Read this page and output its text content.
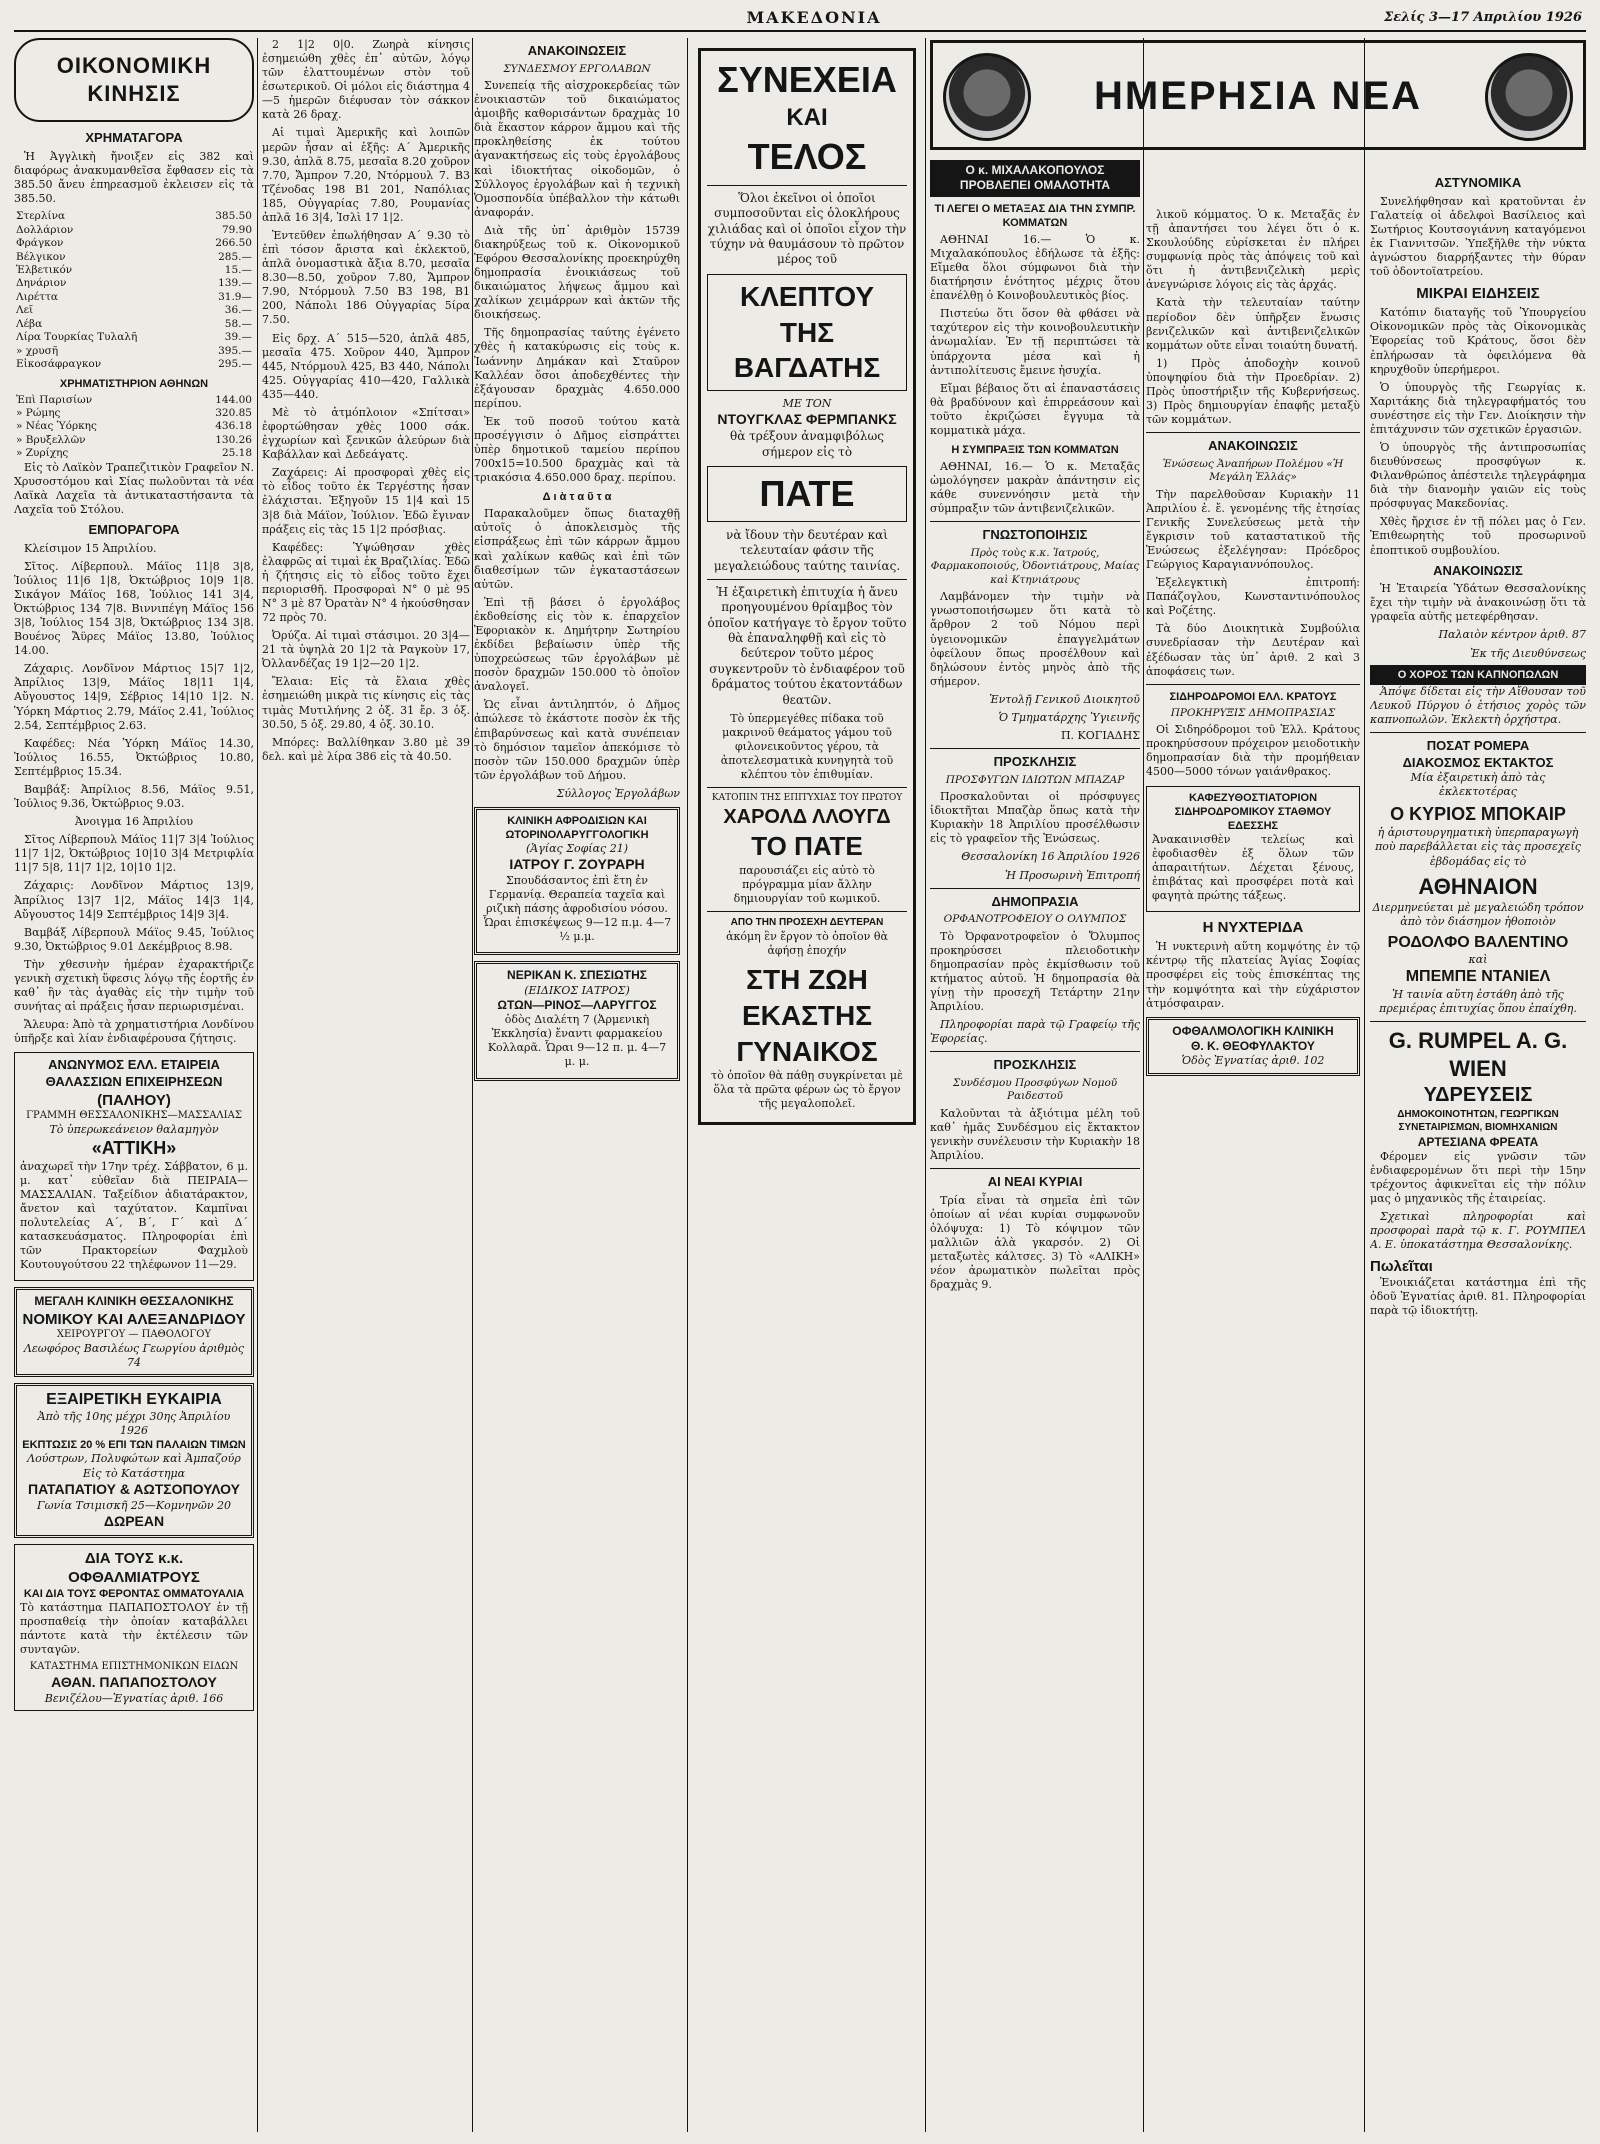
ΜΑΚΕΔΟΝΙΑ	Σελίς 3—17 Απριλίου 1926
ΟΙΚΟΝΟΜΙΚΗ ΚΙΝΗΣΙΣ
ΧΡΗΜΑΤΑΓΟΡΑ

Ἡ Ἀγγλικὴ ἤνοιξεν εἰς 382 καὶ διαφόρως ἀνακυμανθεῖσα ἔφθασεν εἰς τὰ 385.50 ἄνευ ἐπηρεασμοῦ ἐκλεισεν εἰς τὰ 385.50.

Στερλίνα	385.50
Δολλάριον	79.90
Φράγκον	266.50
Βέλγικον	285.—
Ἑλβετικόν	15.—
Δηνάριον	139.—
Λιρέττα	31.9—
Λεῖ	36.—
Λέβα	58.—
Λίρα Τουρκίας Τυλαλῆ	39.—
» χρυσῆ	395.—
Εἰκοσάφραγκον	295.—
ΧΡΗΜΑΤΙΣΤΗΡΙΟΝ ΑΘΗΝΩΝ
Ἐπὶ Παρισίων	144.00
» Ρώμης	320.85
» Νέας Ὑόρκης	436.18
» Βρυξελλῶν	130.26
» Ζυρίχης	25.18

Εἰς τὸ Λαϊκὸν Τραπεζιτικὸν Γραφεῖον Ν. Χρυσοστόμου καὶ Σίας πωλοῦνται τὰ νέα Λαϊκὰ Λαχεῖα τὰ ἀντικαταστήσαντα τὰ Λαχεῖα τοῦ Στόλου.

ΕΜΠΟΡΑΓΟΡΑ

Κλείσιμον 15 Ἀπριλίου.

Σῖτος. Λίβερπουλ. Μάϊος 11|8 3|8, Ἰούλιος 11|6 1|8, Ὀκτώβριος 10|9 1|8. Σικάγον Μάϊος 168, Ἰούλιος 141 3|4, Ὀκτώβριος 134 7|8. Βιννιπέγη Μάϊος 156 3|8, Ἰούλιος 154 3|8, Ὀκτώβριος 134 3|8. Βουένος Ἄϋρες Μάϊος 13.80, Ἰούλιος 14.00.

Ζάχαρις. Λονδῖνον Μάρτιος 15|7 1|2, Ἀπρίλιος 13|9, Μάϊος 18|11 1|4, Αὔγουστος 14|9, Σέβριος 14|10 1|2. Ν. Ὑόρκη Μάρτιος 2.79, Μάϊος 2.41, Ἰούλιος 2.54, Σεπτέμβριος 2.63.

Καφέδες: Νέα Ὑόρκη Μάϊος 14.30, Ἰούλιος 16.55, Ὀκτώβριος 10.80, Σεπτέμβριος 15.34.

Βαμβάξ: Ἀπρίλιος 8.56, Μάϊος 9.51, Ἰούλιος 9.36, Ὀκτώβριος 9.03.

Ἀνοιγμα 16 Ἀπριλίου

Σῖτος Λίβερπουλ Μάϊος 11|7 3|4 Ἰούλιος 11|7 1|2, Ὀκτώβριος 10|10 3|4 Μετριφλία 11|7 5|8, 11|7 1|2, 10|10 1|2.

Ζάχαρις: Λονδῖνον Μάρτιος 13|9, Ἀπρίλιος 13|7 1|2, Μάϊος 14|3 1|4, Αὔγουστος 14|9 Σεπτέμβριος 14|9 3|4.

Βαμβάξ Λίβερπουλ Μάϊος 9.45, Ἰούλιος 9.30, Ὀκτώβριος 9.01 Δεκέμβριος 8.98.

Τὴν χθεσινὴν ἡμέραν ἐχαρακτήριζε γενικὴ σχετικὴ ὕφεσις λόγῳ τῆς ἑορτῆς ἐν καθ᾽ ἣν τὰς ἀγαθὰς εἰς τὴν τιμὴν τοῦ συνήτας αἱ πράξεις ἦσαν περιωρισμέναι.

Ἄλευρα: Ἀπὸ τὰ χρηματιστήρια Λονδίνου ὑπῆρξε καὶ λίαν ἐνδιαφέρουσα ζήτησις.

ΑΝΩΝΥΜΟΣ ΕΛΛ. ΕΤΑΙΡΕΙΑ ΘΑΛΑΣΣΙΩΝ ΕΠΙΧΕΙΡΗΣΕΩΝ
(ΠΑΛΗΟΥ)
ΓΡΑΜΜΗ ΘΕΣΣΑΛΟΝΙΚΗΣ—ΜΑΣΣΑΛΙΑΣ
Τὸ ὑπερωκεάνειον θαλαμηγὸν
«ΑΤΤΙΚΗ»

ἀναχωρεῖ τὴν 17ην τρέχ. Σάββατον, 6 μ. μ. κατ᾽ εὐθεῖαν διὰ ΠΕΙΡΑΙΑ—ΜΑΣΣΑΛΙΑΝ. Ταξείδιον ἀδιατάρακτον, ἄνετον καὶ ταχύτατον. Καμπῖναι πολυτελείας Α΄, Β΄, Γ΄ καὶ Δ΄ κατασκευάσματος. Πληροφορίαι ἐπὶ τῶν Πρακτορείων Φαχμλοὺ Κουτουγούτσου 22 τηλέφωνον 11—29.

ΜΕΓΑΛΗ ΚΛΙΝΙΚΗ ΘΕΣΣΑΛΟΝΙΚΗΣ
ΝΟΜΙΚΟΥ ΚΑΙ ΑΛΕΞΑΝΔΡΙΔΟΥ
ΧΕΙΡΟΥΡΓΟΥ — ΠΑΘΟΛΟΓΟΥ
Λεωφόρος Βασιλέως Γεωργίου ἀριθμὸς 74
ΕΞΑΙΡΕΤΙΚΗ ΕΥΚΑΙΡΙΑ
Ἀπὸ τῆς 10ης μέχρι 30ης Ἀπριλίου 1926
ΕΚΠΤΩΣΙΣ 20 % ΕΠΙ ΤΩΝ ΠΑΛΑΙΩΝ ΤΙΜΩΝ
Λούστρων, Πολυφώτων καὶ Ἀμπαζούρ
Εἰς τὸ Κατάστημα
ΠΑΤΑΠΑΤΙΟΥ & ΑΩΤΣΟΠΟΥΛΟΥ
Γωνία Τσιμισκῆ 25—Κομνηνῶν 20
ΔΩΡΕΑΝ
ΔΙΑ ΤΟΥΣ κ.κ. ΟΦΘΑΛΜΙΑΤΡΟΥΣ
ΚΑΙ ΔΙΑ ΤΟΥΣ ΦΕΡΟΝΤΑΣ ΟΜΜΑΤΟΥΑΛΙΑ

Τὸ κατάστημα ΠΑΠΑΠΟΣΤΟΛΟΥ ἐν τῇ προσπαθείᾳ τὴν ὁποίαν καταβάλλει πάντοτε κατὰ τὴν ἐκτέλεσιν τῶν συνταγῶν.

ΚΑΤΑΣΤΗΜΑ ΕΠΙΣΤΗΜΟΝΙΚΩΝ ΕΙΔΩΝ
ΑΘΑΝ. ΠΑΠΑΠΟΣΤΟΛΟΥ
Βενιζέλου—Ἐγνατίας ἀριθ. 166

2 1|2 0|0. Ζωηρὰ κίνησις ἐσημειώθη χθὲς ἐπ᾽ αὐτῶν, λόγῳ τῶν ἐλαττουμένων στὸν τοῦ ἐσωτερικοῦ. Οἱ μόλοι εἰς διάστημα 4—5 ἡμερῶν διέφυσαν τὸν σάκκον κατὰ 26 δραχ.

Αἱ τιμαὶ Ἀμερικῆς καὶ λοιπῶν μερῶν ἦσαν αἱ ἑξῆς: Α΄ Ἀμερικῆς 9.30, ἀπλᾶ 8.75, μεσαῖα 8.20 χοῦρον 7.70, Ἄμπρον 7.20, Ντόρμουλ 7. Β3 Τζένοδας 198 Β1 201, Ναπόλιας 185, Οὐγγαρίας 7.80, Ρουμανίας ἀπλᾶ 16 3|4, Ἰσλὶ 17 1|2.

Ἐντεῦθεν ἐπωλήθησαν Α΄ 9.30 τὸ ἐπὶ τόσον ἄριστα καὶ ἐκλεκτοῦ, ἁπλᾶ ὀνομαστικὰ ἄξια 8.70, μεσαῖα 8.30—8.50, χοῦρον 7.80, Ἄμπρον 7.90, Ντόρμουλ 7.50 Β3 198, Β1 200, Νάπολι 186 Οὐγγαρίας 5ίρα 7.50.

Εἰς δρχ. Α΄ 515—520, ἁπλᾶ 485, μεσαῖα 475. Χοῦρον 440, Ἄμπρον 445, Ντόρμουλ 425, Β3 440, Νάπολι 425. Οὐγγαρίας 410—420, Γαλλικὰ 435—440.

Μὲ τὸ ἀτμόπλοιον «Σπίτσαι» ἐφορτώθησαν χθὲς 1000 σάκ. ἐγχωρίων καὶ ξενικῶν ἀλεύρων διὰ Καβάλλαν καὶ Δεδεάγατς.

Ζαχάρεις: Αἱ προσφοραὶ χθὲς εἰς τὸ εἶδος τοῦτο ἐκ Τεργέστης ἦσαν ἐλάχισται. Ἐξηγοῦν 15 1|4 καὶ 15 3|8 διὰ Μάϊον, Ἰούλιον. Ἐδῶ ἔγιναν πράξεις εἰς τὰς 15 1|2 πρόσβιας.

Καφέδες: Ὑψώθησαν χθὲς ἐλαφρῶς αἱ τιμαὶ ἐκ Βραζιλίας. Ἐδῶ ἡ ζήτησις εἰς τὸ εἶδος τοῦτο ἔχει περιορισθῆ. Προσφοραὶ Ν° 0 μὲ 95 Ν° 3 μὲ 87 Ὀρατὰν Ν° 4 ἠκούσθησαν 72 πρὸς 70.

Ὀρύζα. Αἱ τιμαὶ στάσιμοι. 20 3|4—21 τὰ ὑψηλὰ 20 1|2 τὰ Ραγκοὺν 17, Ὀλλανδέζας 19 1|2—20 1|2.

Ἔλαια: Εἰς τὰ ἔλαια χθὲς ἐσημειώθη μικρὰ τις κίνησις εἰς τὰς τιμὰς Μυτιλήνης 2 ὁξ. 31 ἔρ. 3 ὁξ. 30.50, 5 ὁξ. 29.80, 4 ὁξ. 30.10.

Μπόρες: Βαλλίθηκαν 3.80 μὲ 39 δελ. καὶ μὲ λίρα 386 εἰς τὰ 40.50.

ΑΝΑΚΟΙΝΩΣΕΙΣ
ΣΥΝΔΕΣΜΟΥ ΕΡΓΟΛΑΒΩΝ

Συνεπείᾳ τῆς αἰσχροκερδείας τῶν ἐνοικιαστῶν τοῦ δικαιώματος ἀμοιβῆς καθορισάντων δραχμὰς 10 διὰ ἕκαστον κάρρον ἄμμου καὶ τῆς προκληθείσης ἐκ τούτου ἀγανακτήσεως εἰς τοὺς ἐργολάβους καὶ ἰδιοκτήτας οἰκοδομῶν, ὁ Σύλλογος ἐργολάβων καὶ ἡ τεχνικὴ Ὁμοσπονδία ὑπέβαλλον τὴν κάτωθι ἀναφοράν.

Διὰ τῆς ὑπ᾽ ἀριθμὸν 15739 διακηρύξεως τοῦ κ. Οἰκονομικοῦ Ἐφόρου Θεσσαλονίκης προεκηρύχθη δημοπρασία ἐνοικιάσεως τοῦ δικαιώματος λήψεως ἄμμου καὶ χαλίκων χειμάρρων καὶ ἀκτῶν τῆς διοικήσεως.

Τῆς δημοπρασίας ταύτης ἐγένετο χθὲς ἡ κατακύρωσις εἰς τοὺς κ. Ἰωάννην Δημάκαν καὶ Σταῦρον Καλλέαν ὅσοι ἀποδεχθέντες τὴν ἐξάγουσαν δραχμὰς 4.650.000 περίπου.

Ἐκ τοῦ ποσοῦ τούτου κατὰ προσέγγισιν ὁ Δῆμος εἰσπράττει ὑπὲρ δημοτικοῦ ταμείου περίπου 700x15=10.500 δραχμὰς καὶ τὰ τριακόσια 4.650.000 δραχ. περίπου.

Δ ι ὰ τ α ῦ τ α

Παρακαλοῦμεν ὅπως διαταχθῇ αὐτοῖς ὁ ἀποκλεισμὸς τῆς εἰσπράξεως ἐπὶ τῶν κάρρων ἄμμου καὶ χαλίκων καθῶς καὶ ἐπὶ τῶν διαθεσίμων τῶν ἐγκαταστάσεων αὐτῶν.

Ἐπὶ τῇ βάσει ὁ ἐργολάβος ἐκδοθείσης εἰς τὸν κ. ἐπαρχεῖον Ἐφοριακὸν κ. Δημήτρην Σωτηρίου ἐκδίδει βεβαίωσιν ὑπὲρ τῆς ὑποχρεώσεως τῶν ἐργολάβων μὲ ποσὸν δραχμῶν 150.000 τὸ ὁποῖον ἀναλογεῖ.

Ὡς εἶναι ἀντιληπτόν, ὁ Δῆμος ἀπώλεσε τὸ ἑκάστοτε ποσὸν ἐκ τῆς ἐπιβαρύνσεως καὶ κατὰ συνέπειαν τὸ δημόσιον ταμεῖον ἀπεκόμισε τὸ ποσὸν τῶν 150.000 δραχμῶν ὑπὲρ τῶν ἐργολάβων τοῦ Δήμου.

Σύλλογος Ἐργολάβων

ΚΛΙΝΙΚΗ ΑΦΡΟΔΙΣΙΩΝ ΚΑΙ ΩΤΟΡΙΝΟΛΑΡΥΓΓΟΛΟΓΙΚΗ
(Ἁγίας Σοφίας 21)
ΙΑΤΡΟΥ Γ. ΖΟΥΡΑΡΗ

Σπουδάσαντος ἐπὶ ἔτη ἐν Γερμανίᾳ. Θεραπεία ταχεῖα καὶ ριζικὴ πάσης ἀφροδισίου νόσου. Ὧραι ἐπισκέψεως 9—12 π.μ. 4—7 ½ μ.μ.

ΝΕΡΙΚΑΝ Κ. ΣΠΕΣΙΩΤΗΣ
(ΕΙΔΙΚΟΣ ΙΑΤΡΟΣ)
ΩΤΩΝ—ΡΙΝΟΣ—ΛΑΡΥΓΓΟΣ

ὁδὸς Διαλέτη 7 (Ἀρμενικὴ Ἐκκλησία) ἔναντι φαρμακείου Κολλαρᾶ. Ὧραι 9—12 π. μ. 4—7 μ. μ.

ΣΥΝΕΧΕΙΑ
ΚΑΙ
ΤΕΛΟΣ

Ὅλοι ἐκεῖνοι οἱ ὁποῖοι συμποσοῦνται εἰς ὁλοκλήρους χιλιάδας καὶ οἱ ὁποῖοι εἶχον τὴν τύχην νὰ θαυμάσουν τὸ πρῶτον μέρος τοῦ

ΚΛΕΠΤΟΥ ΤΗΣ ΒΑΓΔΑΤΗΣ
ΜΕ ΤΟΝ
ΝΤΟΥΓΚΛΑΣ ΦΕΡΜΠΑΝΚΣ

θὰ τρέξουν ἀναμφιβόλως σήμερον εἰς τὸ

ΠΑΤΕ

νὰ ἴδουν τὴν δευτέραν καὶ τελευταίαν φάσιν τῆς μεγαλειώδους ταύτης ταινίας.

Ἡ ἐξαιρετικὴ ἐπιτυχία ἡ ἄνευ προηγουμένου θρίαμβος τὸν ὁποῖον κατήγαγε τὸ ἔργον τοῦτο θὰ ἐπαναληφθῇ καὶ εἰς τὸ δεύτερον τοῦτο μέρος συγκεντροῦν τὸ ἐνδιαφέρον τοῦ δράματος τούτου ἐκατοντάδων θεατῶν.

Τὸ ὑπερμεγέθες πίδακα τοῦ μακρινοῦ θεάματος γάμου τοῦ φιλονεικοῦντος γέρου, τὰ ἀποτελεσματικὰ κυνηγητὰ τοῦ κλέπτου τὸν ἐπιθυμίαν.

ΚΑΤΟΠΙΝ ΤΗΣ ΕΠΙΤΥΧΙΑΣ ΤΟΥ ΠΡΩΤΟΥ
ΧΑΡΟΛΔ ΛΛΟΥΓΔ
ΤΟ ΠΑΤΕ

παρουσιάζει εἰς αὐτὸ τὸ πρόγραμμα μίαν ἄλλην δημιουργίαν τοῦ κωμικοῦ.

ΑΠΟ ΤΗΝ ΠΡΟΣΕΧΗ ΔΕΥΤΕΡΑΝ

ἀκόμη ἓν ἔργον τὸ ὁποῖον θὰ ἀφήσῃ ἐποχήν

ΣΤΗ ΖΩΗ ΕΚΑΣΤΗΣ ΓΥΝΑΙΚΟΣ

τὸ ὁποῖον θὰ πάθῃ συγκρίνεται μὲ ὅλα τὰ πρῶτα φέρων ὡς τὸ ἔργον τῆς μεγαλοπολεῖ.

Ο κ. ΜΙΧΑΛΑΚΟΠΟΥΛΟΣ ΠΡΟΒΛΕΠΕΙ ΟΜΑΛΟΤΗΤΑ
ΤΙ ΛΕΓΕΙ Ο ΜΕΤΑΞΑΣ ΔΙΑ ΤΗΝ ΣΥΜΠΡ. ΚΟΜΜΑΤΩΝ

ΑΘΗΝΑΙ 16.— Ὁ κ. Μιχαλακόπουλος ἐδήλωσε τὰ ἑξῆς: Εἴμεθα ὅλοι σύμφωνοι διὰ τὴν διατήρησιν ἑνότητος μέχρις ὅτου ἐπανέλθῃ ὁ Κοινοβουλευτικὸς βίος.

Πιστεύω ὅτι ὅσον θὰ φθάσει νὰ ταχύτερον εἰς τὴν κοινοβουλευτικὴν ἀνωμαλίαν. Ἐν τῇ περιπτώσει τὰ ὑπάρχοντα μέσα καὶ ἡ ἀντιπολίτευσις ἔμεινε ἡσυχία.

Εἴμαι βέβαιος ὅτι αἱ ἐπαναστάσεις θὰ βραδύνουν καὶ ἐπιρρεάσουν καὶ τοῦτο ἐκριζώσει ἔγγυμα τὰ κομματικὰ μάχα.

Η ΣΥΜΠΡΑΞΙΣ ΤΩΝ ΚΟΜΜΑΤΩΝ

ΑΘΗΝΑΙ, 16.— Ὁ κ. Μεταξᾶς ὡμολόγησεν μακρὰν ἀπάντησιν εἰς κάθε συνεννόησιν μετὰ τὴν σύμπραξιν τῶν ἀντιβενιζελικῶν.

ΓΝΩΣΤΟΠΟΙΗΣΙΣ
Πρὸς τοὺς κ.κ. Ἰατρούς, Φαρμακοποιούς, Ὀδοντιάτρους, Μαίας καὶ Κτηνιάτρους

Λαμβάνομεν τὴν τιμὴν νὰ γνωστοποιήσωμεν ὅτι κατὰ τὸ ἄρθρον 2 τοῦ Νόμου περὶ ὑγειονομικῶν ἐπαγγελμάτων ὀφείλουν ὅπως προσέλθουν καὶ δηλώσουν ἐντὸς μηνὸς ἀπὸ τῆς σήμερον.

Ἐντολῇ Γενικοῦ Διοικητοῦ

Ὁ Τμηματάρχης Ὑγιεινῆς

Π. ΚΟΓΙΑΔΗΣ

ΠΡΟΣΚΛΗΣΙΣ
ΠΡΟΣΦΥΓΩΝ ΙΔΙΩΤΩΝ ΜΠΑΖΑΡ

Προσκαλοῦνται οἱ πρόσφυγες ἰδιοκτῆται Μπαζὰρ ὅπως κατὰ τὴν Κυριακὴν 18 Ἀπριλίου προσέλθωσιν εἰς τὸ γραφεῖον τῆς Ἑνώσεως.

Θεσσαλονίκη 16 Ἀπριλίου 1926

Ἡ Προσωρινὴ Ἐπιτροπή

ΔΗΜΟΠΡΑΣΙΑ
ΟΡΦΑΝΟΤΡΟΦΕΙΟΥ Ο ΟΛΥΜΠΟΣ

Τὸ Ὀρφανοτροφεῖον ὁ Ὄλυμπος προκηρύσσει πλειοδοτικὴν δημοπρασίαν πρὸς ἐκμίσθωσιν τοῦ κτήματος αὐτοῦ. Ἡ δημοπρασία θὰ γίνῃ τὴν προσεχῆ Τετάρτην 21ην Ἀπριλίου.

Πληροφορίαι παρὰ τῷ Γραφείῳ τῆς Ἐφορείας.

ΠΡΟΣΚΛΗΣΙΣ
Συνδέσμου Προσφύγων Νομοῦ Ραιδεστοῦ

Καλοῦνται τὰ ἀξιότιμα μέλη τοῦ καθ᾽ ἡμᾶς Συνδέσμου εἰς ἔκτακτον γενικὴν συνέλευσιν τὴν Κυριακὴν 18 Ἀπριλίου.

ΑΙ ΝΕΑΙ ΚΥΡΙΑΙ

Τρία εἶναι τὰ σημεῖα ἐπὶ τῶν ὁποίων αἱ νέαι κυρίαι συμφωνοῦν ὁλόψυχα: 1) Τὸ κόψιμον τῶν μαλλιῶν ἀλὰ γκαρσόν. 2) Οἱ μεταξωτὲς κάλτσες. 3) Τὸ «ΑΛΙΚΗ» νέον ἀρωματικὸν πωλεῖται πρὸς δραχμὰς 9.

ΗΜΕΡΗΣΙΑ ΝΕΑ

λικοῦ κόμματος. Ὁ κ. Μεταξᾶς ἐν τῇ ἀπαντήσει του λέγει ὅτι ὁ κ. Σκουλούδης εὑρίσκεται ἐν πλήρει συμφωνίᾳ πρὸς τὰς ἀπόψεις τοῦ καὶ ὅτι ἡ ἀντιβενιζελικὴ μερὶς ἀνεγνώρισε λόγοις εἰς τὰς ἀρχάς.

Κατὰ τὴν τελευταίαν ταύτην περίοδον δὲν ὑπῆρξεν ἔνωσις βενιζελικῶν καὶ ἀντιβενιζελικῶν κομμάτων οὔτε εἶναι τοιαύτη δυνατή.

1) Πρὸς ἀποδοχὴν κοινοῦ ὑποψηφίου διὰ τὴν Προεδρίαν. 2) Πρὸς ὑποστήριξιν τῆς Κυβερνήσεως. 3) Πρὸς δημιουργίαν ἐπαφῆς μεταξὺ τῶν κομμάτων.

ΑΝΑΚΟΙΝΩΣΙΣ
Ἑνώσεως Ἀναπήρων Πολέμου «Ἡ Μεγάλη Ἑλλάς»

Τὴν παρελθοῦσαν Κυριακὴν 11 Ἀπριλίου ἐ. ἔ. γενομένης τῆς ἐτησίας Γενικῆς Συνελεύσεως μετὰ τὴν ἔγκρισιν τοῦ καταστατικοῦ τῆς Ἑνώσεως ἐξελέγησαν: Πρόεδρος Γεώργιος Καραγιαννόπουλος.

Ἐξελεγκτικὴ ἐπιτροπή: Παπάζογλου, Κωνσταντινόπουλος καὶ Ροζέτης.

Τὰ δύο Διοικητικὰ Συμβούλια συνεδρίασαν τὴν Δευτέραν καὶ ἐξέδωσαν τὰς ὑπ᾽ ἀριθ. 2 καὶ 3 ἀποφάσεις των.

ΣΙΔΗΡΟΔΡΟΜΟΙ ΕΛΛ. ΚΡΑΤΟΥΣ
ΠΡΟΚΗΡΥΞΙΣ ΔΗΜΟΠΡΑΣΙΑΣ

Οἱ Σιδηρόδρομοι τοῦ Ἑλλ. Κράτους προκηρύσσουν πρόχειρον μειοδοτικὴν δημοπρασίαν διὰ τὴν προμήθειαν 4500—5000 τόνων γαιάνθρακος.

ΚΑΦΕΖΥΘΟΣΤΙΑΤΟΡΙΟΝ ΣΙΔΗΡΟΔΡΟΜΙΚΟΥ ΣΤΑΘΜΟΥ ΕΔΕΣΣΗΣ

Ἀνακαινισθὲν τελείως καὶ ἐφοδιασθὲν ἐξ ὅλων τῶν ἀπαραιτήτων. Δέχεται ξένους, ἐπιβάτας καὶ προσφέρει ποτὰ καὶ φαγητὰ πρώτης τάξεως.

Η ΝΥΧΤΕΡΙΔΑ

Ἡ νυκτερινὴ αὕτη κομψότης ἐν τῷ κέντρῳ τῆς πλατείας Ἁγίας Σοφίας προσφέρει εἰς τοὺς ἐπισκέπτας της τὴν κομψότητα καὶ τὴν εὐχάριστον ἀτμόσφαιραν.

ΟΦΘΑΛΜΟΛΟΓΙΚΗ ΚΛΙΝΙΚΗ
Θ. Κ. ΘΕΟΦΥΛΑΚΤΟΥ
Ὁδὸς Ἐγνατίας ἀριθ. 102
ΑΣΤΥΝΟΜΙΚΑ

Συνελήφθησαν καὶ κρατοῦνται ἐν Γαλατείᾳ οἱ ἀδελφοὶ Βασίλειος καὶ Σωτήριος Κουτσογιάννη καταγόμενοι ἐκ Γιαννιτσῶν. Ὑπεξῆλθε τὴν νύκτα ἀγνώστου διαρρήξαντες τὴν θύραν τοῦ ὀδοντοϊατρείου.

ΜΙΚΡΑΙ ΕΙΔΗΣΕΙΣ

Κατόπιν διαταγῆς τοῦ Ὑπουργείου Οἰκονομικῶν πρὸς τὰς Οἰκονομικὰς Ἐφορείας τοῦ Κράτους, ὅσοι δὲν ἐπλήρωσαν τὰ ὀφειλόμενα θὰ κηρυχθοῦν ὑπερήμεροι.

Ὁ ὑπουργὸς τῆς Γεωργίας κ. Χαριτάκης διὰ τηλεγραφήματός του συνέστησε εἰς τὴν Γεν. Διοίκησιν τὴν ἐπιτάχυνσιν τῶν σχετικῶν ἐργασιῶν.

Ὁ ὑπουργὸς τῆς ἀντιπροσωπίας διευθύνσεως προσφύγων κ. Φιλανθρώπος ἀπέστειλε τηλεγράφημα διὰ τὴν διανομὴν γαιῶν εἰς τοὺς πρόσφυγας Μακεδονίας.

Χθὲς ἤρχισε ἐν τῇ πόλει μας ὁ Γεν. Ἐπιθεωρητὴς τοῦ προσωρινοῦ ἐποπτικοῦ συμβουλίου.

ΑΝΑΚΟΙΝΩΣΙΣ

Ἡ Ἑταιρεία Ὑδάτων Θεσσαλονίκης ἔχει τὴν τιμὴν νὰ ἀνακοινώσῃ ὅτι τὰ γραφεῖα αὐτῆς μετεφέρθησαν.

Παλαιὸν κέντρον ἀριθ. 87

Ἐκ τῆς Διευθύνσεως

Ο ΧΟΡΟΣ ΤΩΝ ΚΑΠΝΟΠΩΛΩΝ

Ἀπόψε δίδεται εἰς τὴν Αἴθουσαν τοῦ Λευκοῦ Πύργου ὁ ἐτήσιος χορὸς τῶν καπνοπωλῶν. Ἐκλεκτὴ ὀρχήστρα.

ΠΟΣΑΤ ΡΟΜΕΡΑ
ΔΙΑΚΟΣΜΟΣ ΕΚΤΑΚΤΟΣ

Μία ἐξαιρετικὴ ἀπὸ τὰς ἐκλεκτοτέρας

Ο ΚΥΡΙΟΣ ΜΠΟΚΑΙΡ

ἡ ἀριστουργηματικὴ ὑπερπαραγωγὴ ποὺ παρεβάλλεται εἰς τὰς προσεχεῖς ἑβδομάδας εἰς τὸ

ΑΘΗΝΑΙΟΝ

Διερμηνεύεται μὲ μεγαλειώδη τρόπον ἀπὸ τὸν διάσημον ἠθοποιὸν

ΡΟΔΟΛΦΟ ΒΑΛΕΝΤΙΝΟ
καὶ
ΜΠΕΜΠΕ ΝΤΑΝΙΕΛ

Ἡ ταινία αὕτη ἐστάθη ἀπὸ τῆς πρεμιέρας ἐπιτυχίας ὅπου ἐπαίχθη.

G. RUMPEL A. G.
WIEN
ΥΔΡΕΥΣΕΙΣ
ΔΗΜΟΚΟΙΝΟΤΗΤΩΝ, ΓΕΩΡΓΙΚΩΝ ΣΥΝΕΤΑΙΡΙΣΜΩΝ, ΒΙΟΜΗΧΑΝΙΩΝ
ΑΡΤΕΣΙΑΝΑ ΦΡΕΑΤΑ

Φέρομεν εἰς γνῶσιν τῶν ἐνδιαφερομένων ὅτι περὶ τὴν 15ην τρέχοντος ἀφικνεῖται εἰς τὴν πόλιν μας ὁ μηχανικὸς τῆς ἐταιρείας.

Σχετικαὶ πληροφορίαι καὶ προσφοραὶ παρὰ τῷ κ. Γ. ΡΟΥΜΠΕΛ Α. Ε. ὑποκατάστημα Θεσσαλονίκης.

Πωλεῖται

Ἐνοικιάζεται κατάστημα ἐπὶ τῆς ὁδοῦ Ἐγνατίας ἀριθ. 81. Πληροφορίαι παρὰ τῷ ἰδιοκτήτῃ.
